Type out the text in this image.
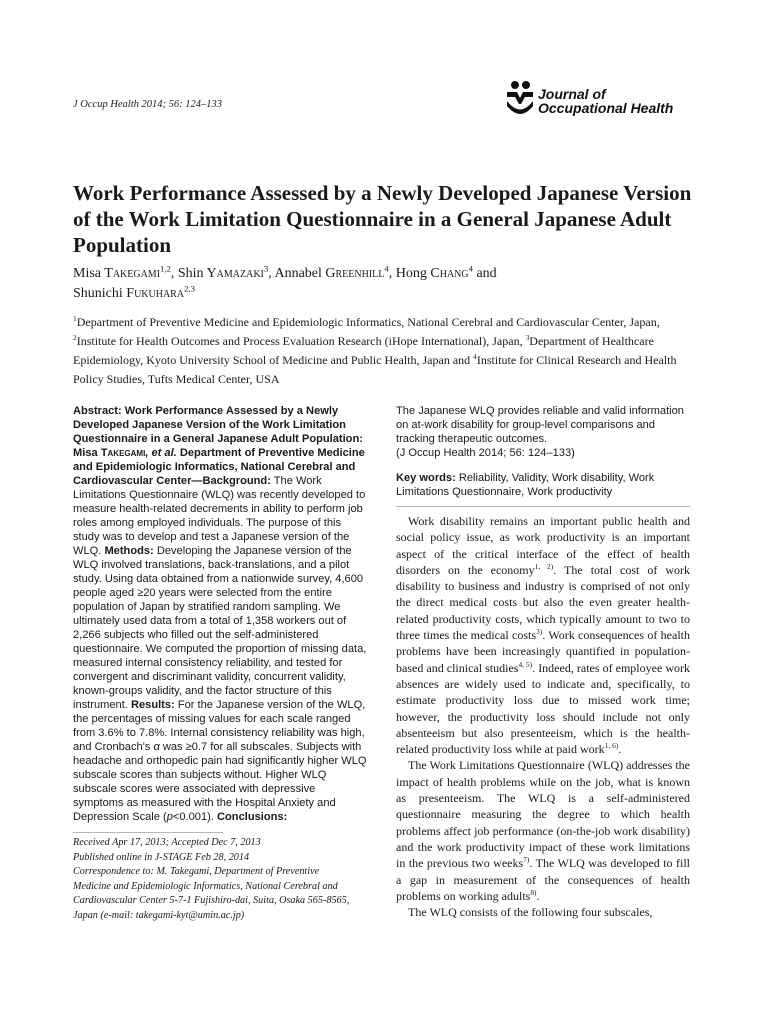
J Occup Health 2014; 56: 124–133
Journal of
Occupational Health
Work Performance Assessed by a Newly Developed Japanese Version of the Work Limitation Questionnaire in a General Japanese Adult Population
Misa Takegami$^{1,2}$, Shin Yamazaki$^3$, Annabel Greenhill$^4$, Hong Chang$^4$ and
Shunichi Fukuhara$^{2,3}$
$^1$Department of Preventive Medicine and Epidemiologic Informatics, National Cerebral and Cardiovascular Center, Japan, $^2$Institute for Health Outcomes and Process Evaluation Research (iHope International), Japan, $^3$Department of Healthcare Epidemiology, Kyoto University School of Medicine and Public Health, Japan and $^4$Institute for Clinical Research and Health Policy Studies, Tufts Medical Center, USA
Abstract: Work Performance Assessed by a Newly Developed Japanese Version of the Work Limitation Questionnaire in a General Japanese Adult Population: Misa Takegami, et al. Department of Preventive Medicine and Epidemiologic Informatics, National Cerebral and Cardiovascular Center—Background: The Work Limitations Questionnaire (WLQ) was recently developed to measure health-related decrements in ability to perform job roles among employed individuals. The purpose of this study was to develop and test a Japanese version of the WLQ. Methods: Developing the Japanese version of the WLQ involved translations, back-translations, and a pilot study. Using data obtained from a nationwide survey, 4,600 people aged ≥20 years were selected from the entire population of Japan by stratified random sampling. We ultimately used data from a total of 1,358 workers out of 2,266 subjects who filled out the self-administered questionnaire. We computed the proportion of missing data, measured internal consistency reliability, and tested for convergent and discriminant validity, concurrent validity, known-groups validity, and the factor structure of this instrument. Results: For the Japanese version of the WLQ, the percentages of missing values for each scale ranged from 3.6% to 7.8%. Internal consistency reliability was high, and Cronbach's α was ≥0.7 for all subscales. Subjects with headache and orthopedic pain had significantly higher WLQ subscale scores than subjects without. Higher WLQ subscale scores were associated with depressive symptoms as measured with the Hospital Anxiety and Depression Scale (p<0.001). Conclusions:
The Japanese WLQ provides reliable and valid information on at-work disability for group-level comparisons and tracking therapeutic outcomes.
(J Occup Health 2014; 56: 124–133)
Key words: Reliability, Validity, Work disability, Work Limitations Questionnaire, Work productivity
Received Apr 17, 2013; Accepted Dec 7, 2013
Published online in J-STAGE Feb 28, 2014
Correspondence to: M. Takegami, Department of Preventive
Medicine and Epidemiologic Informatics, National Cerebral and
Cardiovascular Center 5-7-1 Fujishiro-dai, Suita, Osaka 565-8565,
Japan (e-mail: takegami-kyt@umin.ac.jp)

Work disability remains an important public health and social policy issue, as work productivity is an important aspect of the critical interface of the effect of health disorders on the economy$^{1, 2)}$. The total cost of work disability to business and industry is comprised of not only the direct medical costs but also the even greater health-related productivity costs, which typically amount to two to three times the medical costs$^{3)}$. Work consequences of health problems have been increasingly quantified in population-based and clinical studies$^{4, 5)}$. Indeed, rates of employee work absences are widely used to indicate and, specifically, to estimate productivity loss due to missed work time; however, the productivity loss should include not only absenteeism but also presenteeism, which is the health-related productivity loss while at paid work$^{1, 6)}$.

The Work Limitations Questionnaire (WLQ) addresses the impact of health problems while on the job, what is known as presenteeism. The WLQ is a self-administered questionnaire measuring the degree to which health problems affect job performance (on-the-job work disability) and the work productivity impact of these work limitations in the previous two weeks$^{7)}$. The WLQ was developed to fill a gap in measurement of the consequences of health problems on working adults$^{8)}$.

The WLQ consists of the following four subscales,
